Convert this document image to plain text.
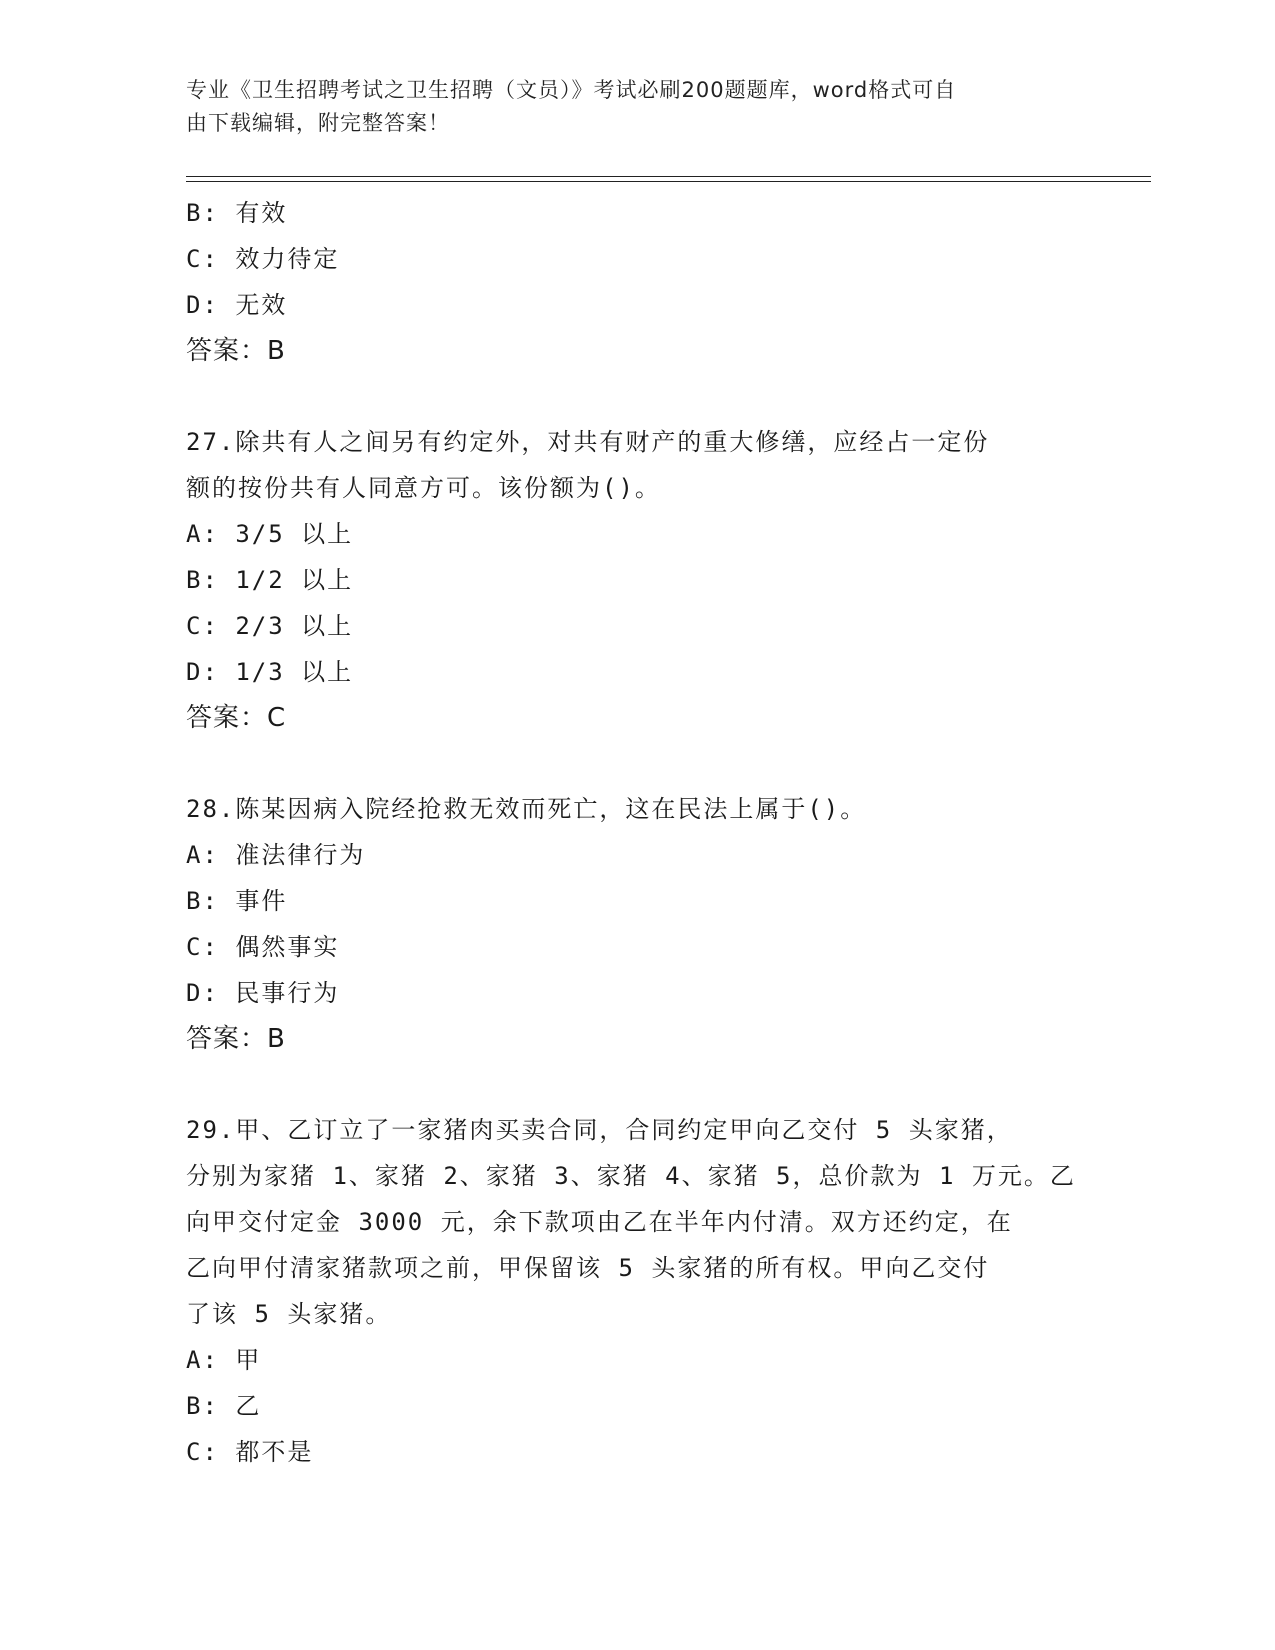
专业《卫生招聘考试之卫生招聘（文员）》考试必刷200题题库，word格式可自
由下载编辑，附完整答案！
B: 有效
C: 效力待定
D: 无效
答案：B
27.除共有人之间另有约定外，对共有财产的重大修缮，应经占一定份
额的按份共有人同意方可。该份额为()。
A: 3/5 以上
B: 1/2 以上
C: 2/3 以上
D: 1/3 以上
答案：C
28.陈某因病入院经抢救无效而死亡，这在民法上属于()。
A: 准法律行为
B: 事件
C: 偶然事实
D: 民事行为
答案：B
29.甲、乙订立了一家猪肉买卖合同，合同约定甲向乙交付 5 头家猪，
分别为家猪 1、家猪 2、家猪 3、家猪 4、家猪 5，总价款为 1 万元。乙
向甲交付定金 3000 元，余下款项由乙在半年内付清。双方还约定，在
乙向甲付清家猪款项之前，甲保留该 5 头家猪的所有权。甲向乙交付
了该 5 头家猪。
A: 甲
B: 乙
C: 都不是
